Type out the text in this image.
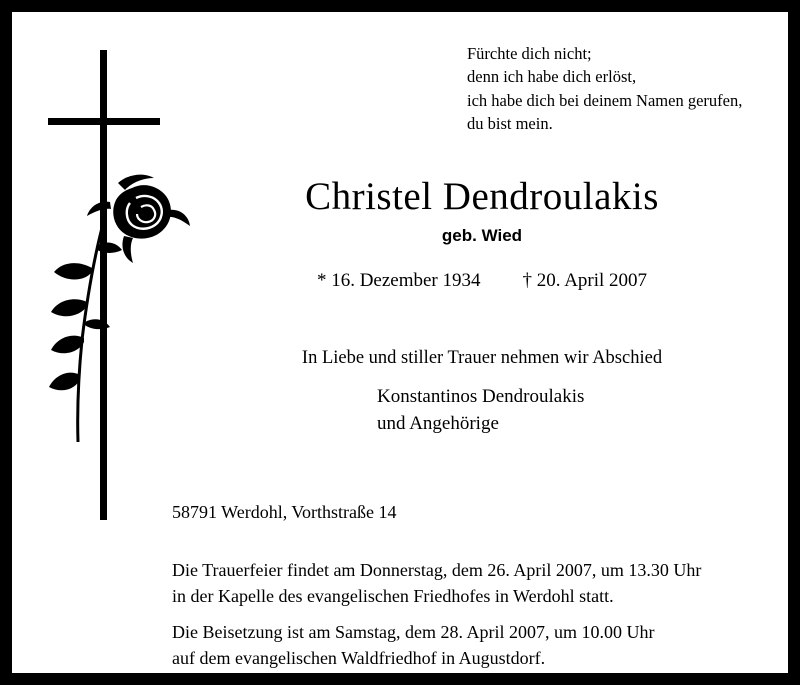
Fürchte dich nicht;
denn ich habe dich erlöst,
ich habe dich bei deinem Namen gerufen,
du bist mein.
Christel Dendroulakis
geb. Wied
* 16. Dezember 1934 † 20. April 2007
In Liebe und stiller Trauer nehmen wir Abschied
Konstantinos Dendroulakis
und Angehörige
58791 Werdohl, Vorthstraße 14
Die Trauerfeier findet am Donnerstag, dem 26. April 2007, um 13.30 Uhr
in der Kapelle des evangelischen Friedhofes in Werdohl statt.
Die Beisetzung ist am Samstag, dem 28. April 2007, um 10.00 Uhr
auf dem evangelischen Waldfriedhof in Augustdorf.
